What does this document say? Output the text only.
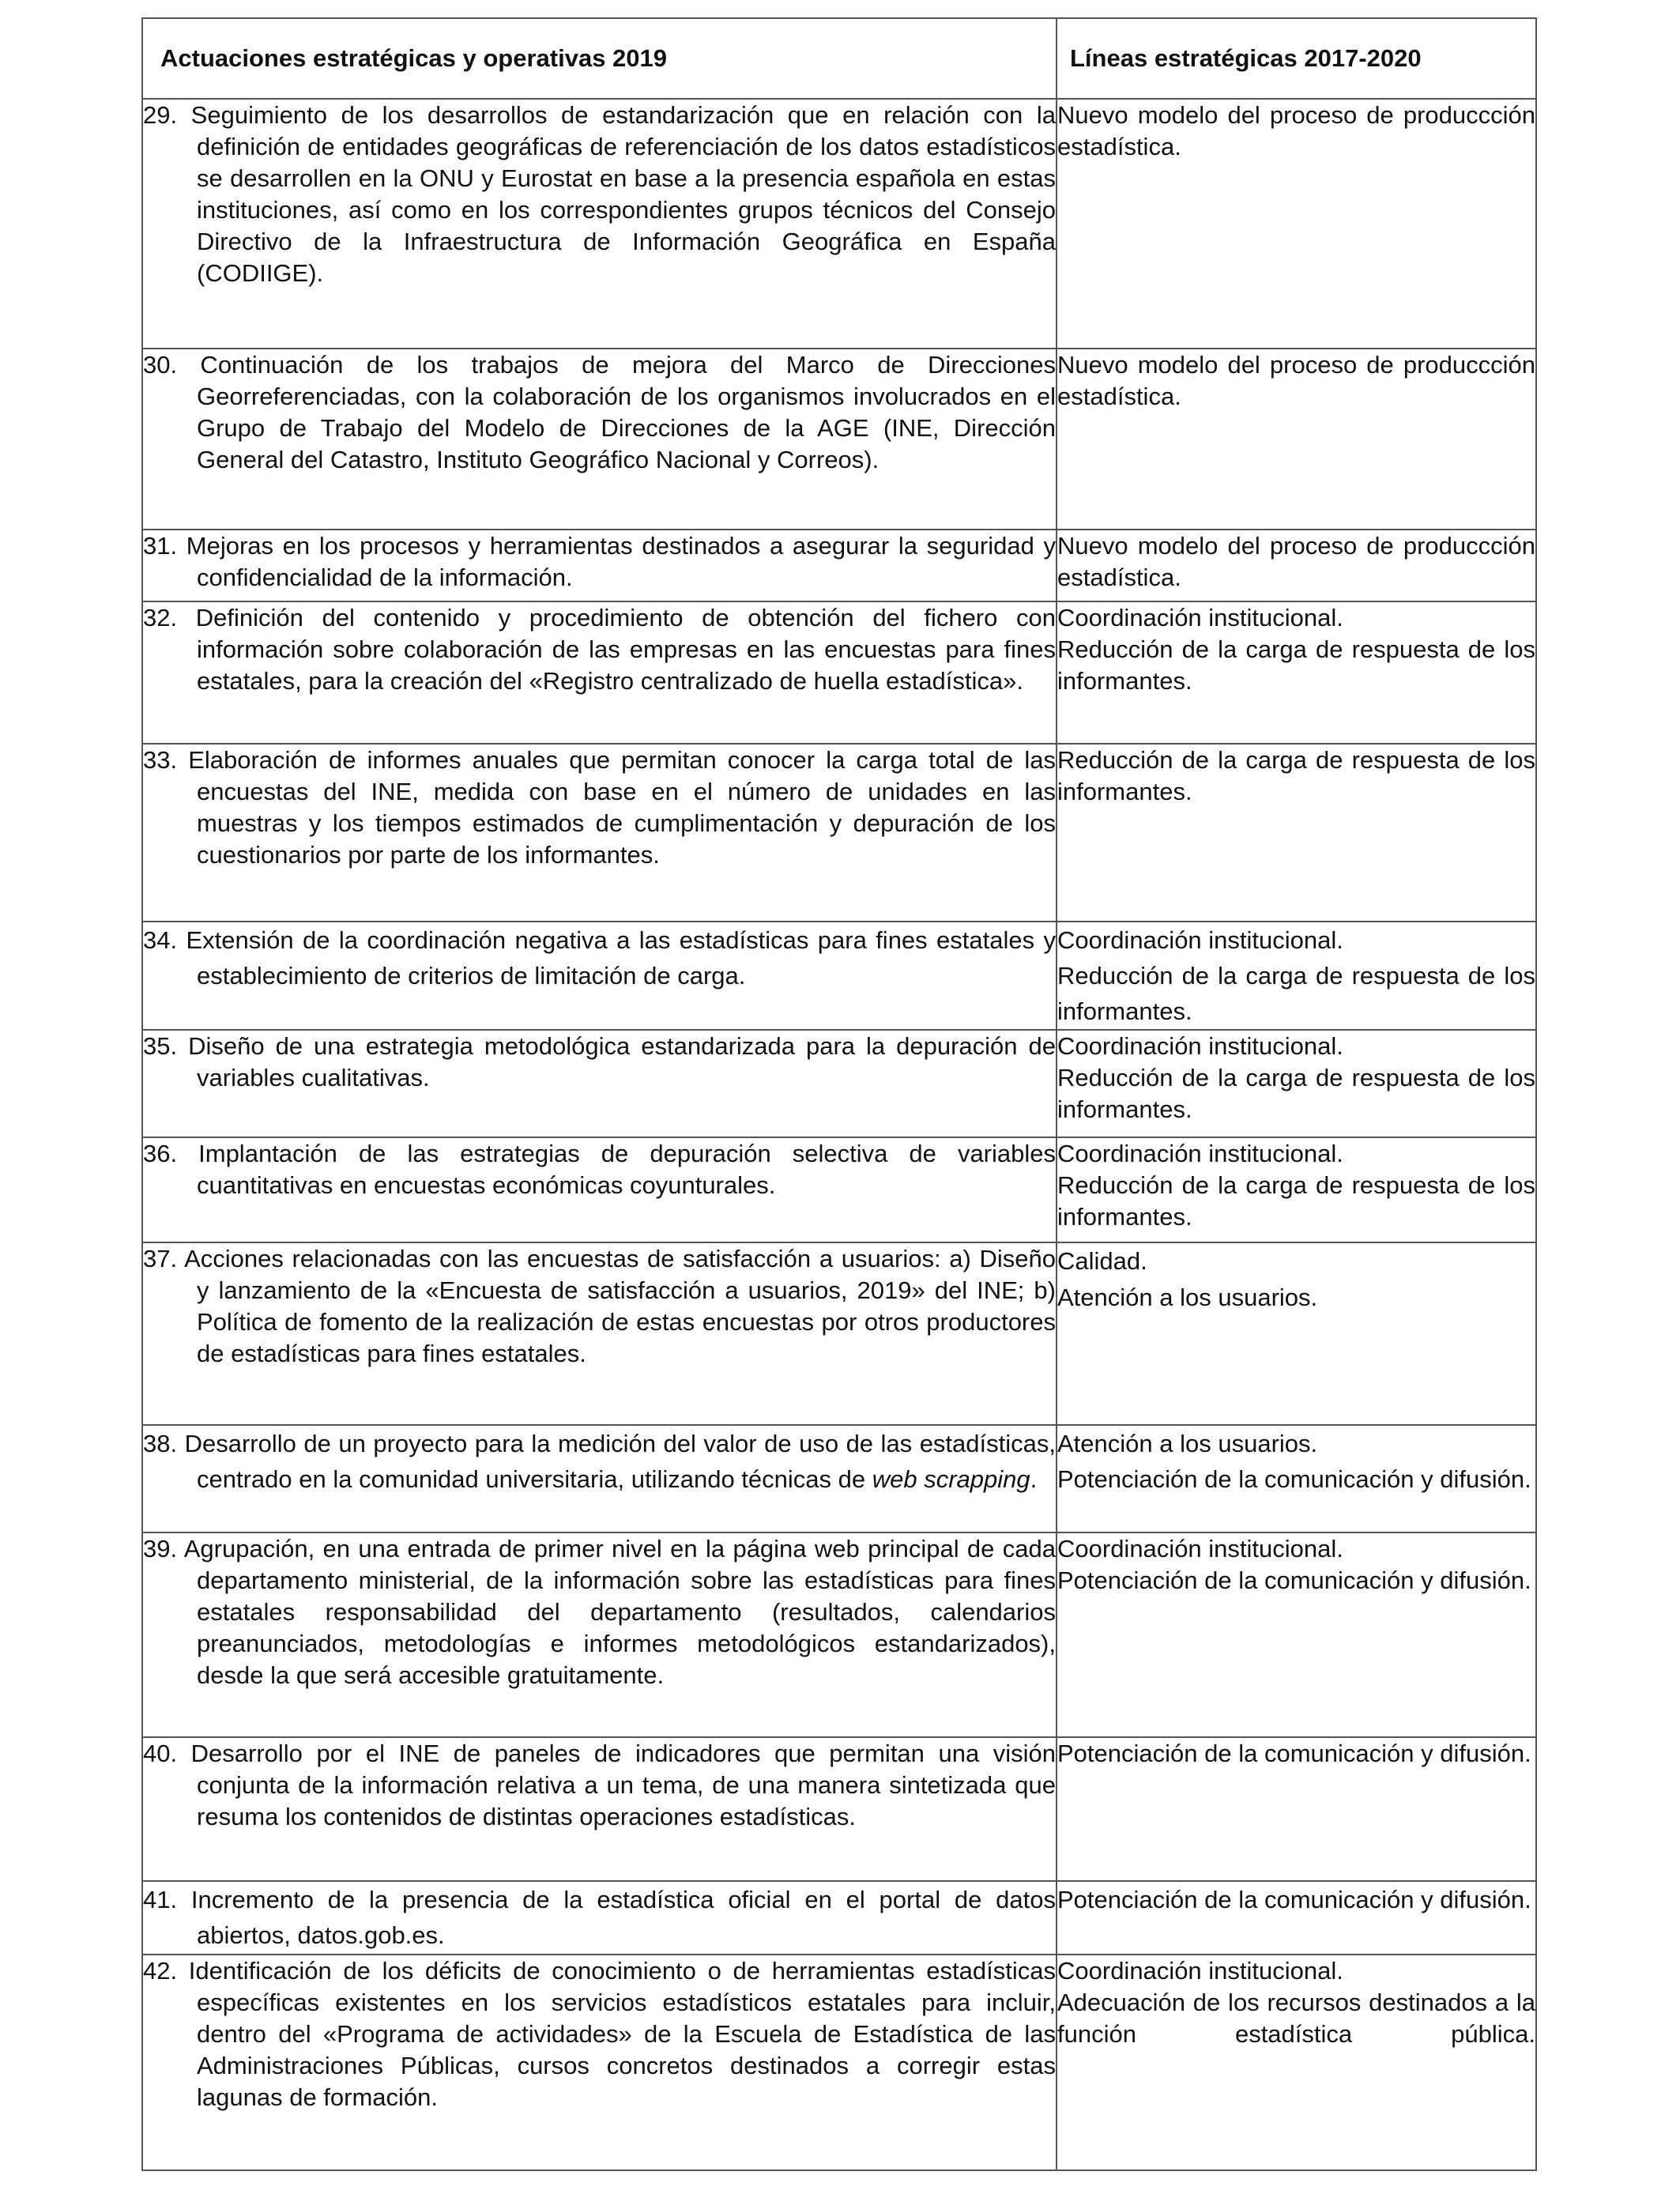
Actuaciones estratégicas y operativas 2019	Líneas estratégicas 2017-2020

29. Seguimiento de los desarrollos de estandarización que en relación con la definición de entidades geográficas de referenciación de los datos estadísticos se desarrollen en la ONU y Eurostat en base a la presencia española en estas instituciones, así como en los correspondientes grupos técnicos del Consejo Directivo de la Infraestructura de Información Geográfica en España (CODIIGE).	Nuevo modelo del proceso de produccción estadística.

30. Continuación de los trabajos de mejora del Marco de Direcciones Georreferenciadas, con la colaboración de los organismos involucrados en el Grupo de Trabajo del Modelo de Direcciones de la AGE (INE, Dirección General del Catastro, Instituto Geográfico Nacional y Correos).	Nuevo modelo del proceso de produccción estadística.

31. Mejoras en los procesos y herramientas destinados a asegurar la seguridad y confidencialidad de la información.	Nuevo modelo del proceso de produccción estadística.

32. Definición del contenido y procedimiento de obtención del fichero con información sobre colaboración de las empresas en las encuestas para fines estatales, para la creación del «Registro centralizado de huella estadística».	Coordinación institucional.
Reducción de la carga de respuesta de los informantes.

33. Elaboración de informes anuales que permitan conocer la carga total de las encuestas del INE, medida con base en el número de unidades en las muestras y los tiempos estimados de cumplimentación y depuración de los cuestionarios por parte de los informantes.	Reducción de la carga de respuesta de los informantes.

34. Extensión de la coordinación negativa a las estadísticas para fines estatales y establecimiento de criterios de limitación de carga.	Coordinación institucional.
Reducción de la carga de respuesta de los informantes.

35. Diseño de una estrategia metodológica estandarizada para la depuración de variables cualitativas.	Coordinación institucional.
Reducción de la carga de respuesta de los informantes.

36. Implantación de las estrategias de depuración selectiva de variables cuantitativas en encuestas económicas coyunturales.	Coordinación institucional.
Reducción de la carga de respuesta de los informantes.

37. Acciones relacionadas con las encuestas de satisfacción a usuarios: a) Diseño y lanzamiento de la «Encuesta de satisfacción a usuarios, 2019» del INE; b) Política de fomento de la realización de estas encuestas por otros productores de estadísticas para fines estatales.	Calidad.
Atención a los usuarios.

38. Desarrollo de un proyecto para la medición del valor de uso de las estadísticas, centrado en la comunidad universitaria, utilizando técnicas de web scrapping.	Atención a los usuarios.
Potenciación de la comunicación y difusión.

39. Agrupación, en una entrada de primer nivel en la página web principal de cada departamento ministerial, de la información sobre las estadísticas para fines estatales responsabilidad del departamento (resultados, calendarios preanunciados, metodologías e informes metodológicos estandarizados), desde la que será accesible gratuitamente.	Coordinación institucional.
Potenciación de la comunicación y difusión.

40. Desarrollo por el INE de paneles de indicadores que permitan una visión conjunta de la información relativa a un tema, de una manera sintetizada que resuma los contenidos de distintas operaciones estadísticas.	Potenciación de la comunicación y difusión.

41. Incremento de la presencia de la estadística oficial en el portal de datos abiertos, datos.gob.es.	Potenciación de la comunicación y difusión.

42. Identificación de los déficits de conocimiento o de herramientas estadísticas específicas existentes en los servicios estadísticos estatales para incluir, dentro del «Programa de actividades» de la Escuela de Estadística de las Administraciones Públicas, cursos concretos destinados a corregir estas lagunas de formación.	Coordinación institucional.
Adecuación de los recursos destinados a la función estadística pública.
